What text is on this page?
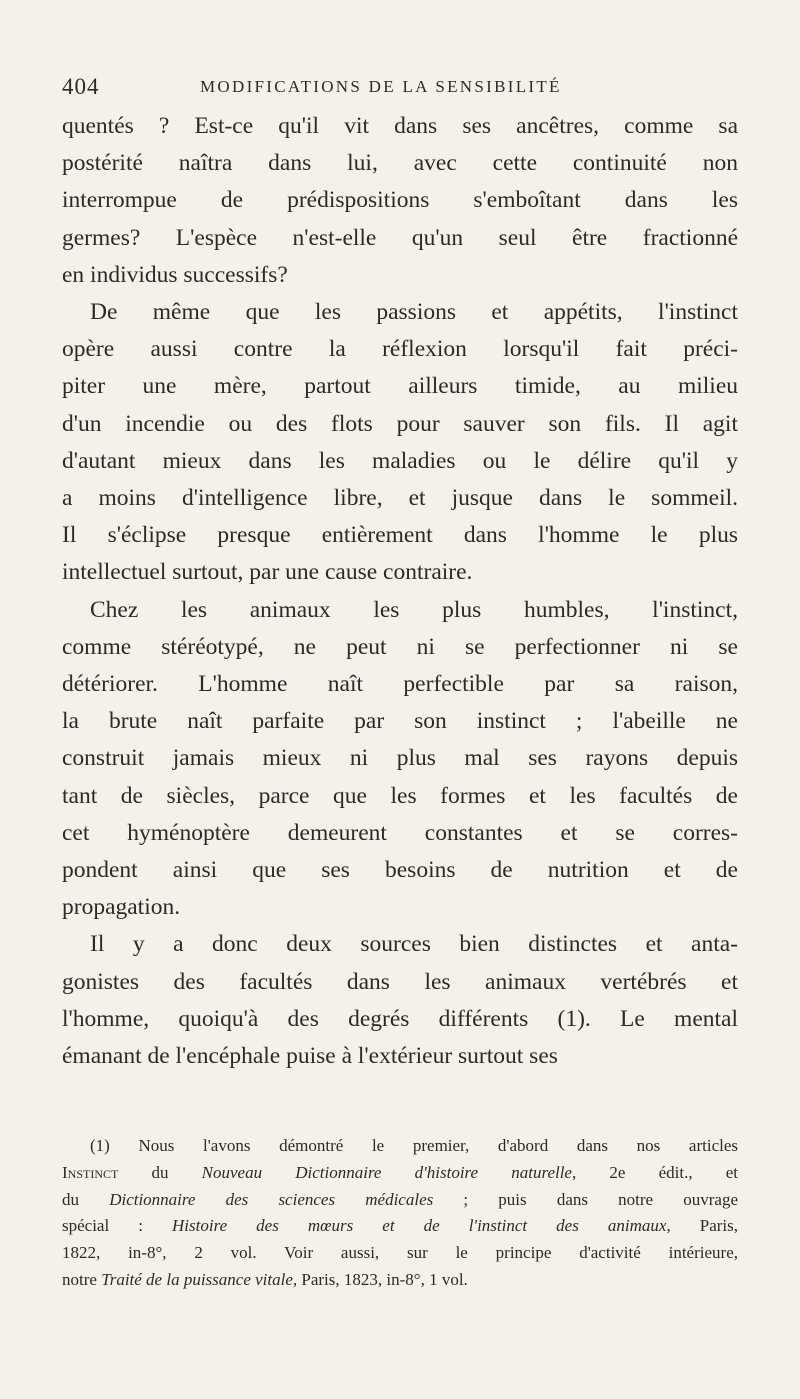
404	MODIFICATIONS DE LA SENSIBILITÉ

quentés ? Est-ce qu'il vit dans ses ancêtres, comme sa
postérité naîtra dans lui, avec cette continuité non
interrompue de prédispositions s'emboîtant dans les
germes? L'espèce n'est-elle qu'un seul être fractionné
en individus successifs?

De même que les passions et appétits, l'instinct
opère aussi contre la réflexion lorsqu'il fait préci-
piter une mère, partout ailleurs timide, au milieu
d'un incendie ou des flots pour sauver son fils. Il agit
d'autant mieux dans les maladies ou le délire qu'il y
a moins d'intelligence libre, et jusque dans le sommeil.
Il s'éclipse presque entièrement dans l'homme le plus
intellectuel surtout, par une cause contraire.

Chez les animaux les plus humbles, l'instinct,
comme stéréotypé, ne peut ni se perfectionner ni se
détériorer. L'homme naît perfectible par sa raison,
la brute naît parfaite par son instinct ; l'abeille ne
construit jamais mieux ni plus mal ses rayons depuis
tant de siècles, parce que les formes et les facultés de
cet hyménoptère demeurent constantes et se corres-
pondent ainsi que ses besoins de nutrition et de
propagation.

Il y a donc deux sources bien distinctes et anta-
gonistes des facultés dans les animaux vertébrés et
l'homme, quoiqu'à des degrés différents (1). Le mental
émanant de l'encéphale puise à l'extérieur surtout ses

(1) Nous l'avons démontré le premier, d'abord dans nos articles
Instinct du Nouveau Dictionnaire d'histoire naturelle, 2e édit., et
du Dictionnaire des sciences médicales ; puis dans notre ouvrage
spécial : Histoire des mœurs et de l'instinct des animaux, Paris,
1822, in-8°, 2 vol. Voir aussi, sur le principe d'activité intérieure,
notre Traité de la puissance vitale, Paris, 1823, in-8°, 1 vol.
